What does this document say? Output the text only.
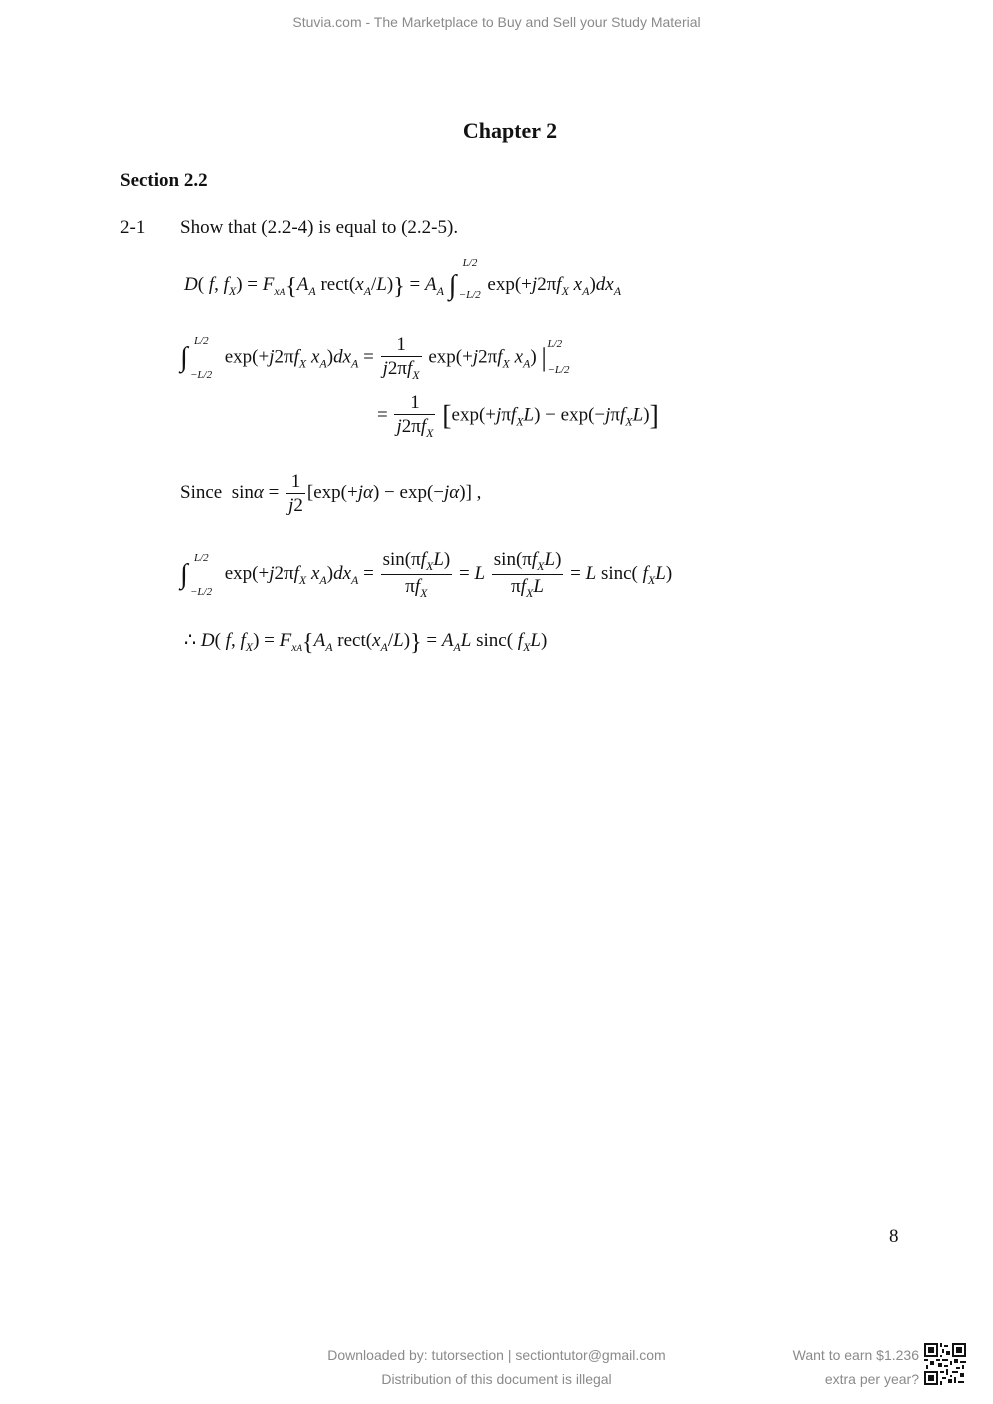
Stuvia.com - The Marketplace to Buy and Sell your Study Material
Chapter 2
Section 2.2
2-1 Show that (2.2-4) is equal to (2.2-5).
D( f, $f_X) = F_{xA}\{A_A$ $rect(x_A/L)\} = A_A$ ∫
L/2
−L/2 $\exp(+j2\pi f_X$ $x_A)dx_A$
∫
L/2
−L/2
$\exp(+j2\pi f_X$ $x_A)dx_A = \frac{1}{j2\pi f_X} \exp(+j2\pi f_X$ $x_A$) | L/2
−L/2
= $\frac{1}{j2\pi f_X} [\exp(+j\pi f_XL) - \exp(-j\pi f_XL)]$
Since  $\sin\alpha = \frac{1}{j2} [\exp(+j\alpha) - \exp(-j\alpha)]$ ,
∫
L/2
−L/2
$\exp(+j2\pi f_X$ $x_A)dx_A = \frac{\sin(\pi f_XL)}{\pi f_X} = L \frac{\sin(\pi f_XL)}{\pi f_XL} = L$ sinc( $f_XL$)
∴ D( f, $f_X) = F_{xA}\{A_A$ $rect(x_A/L)\} = A_AL$ sinc( $f_XL$)
8
Downloaded by: tutorsection | sectiontutor@gmail.com
Distribution of this document is illegal
Want to earn $1.236
extra per year?
